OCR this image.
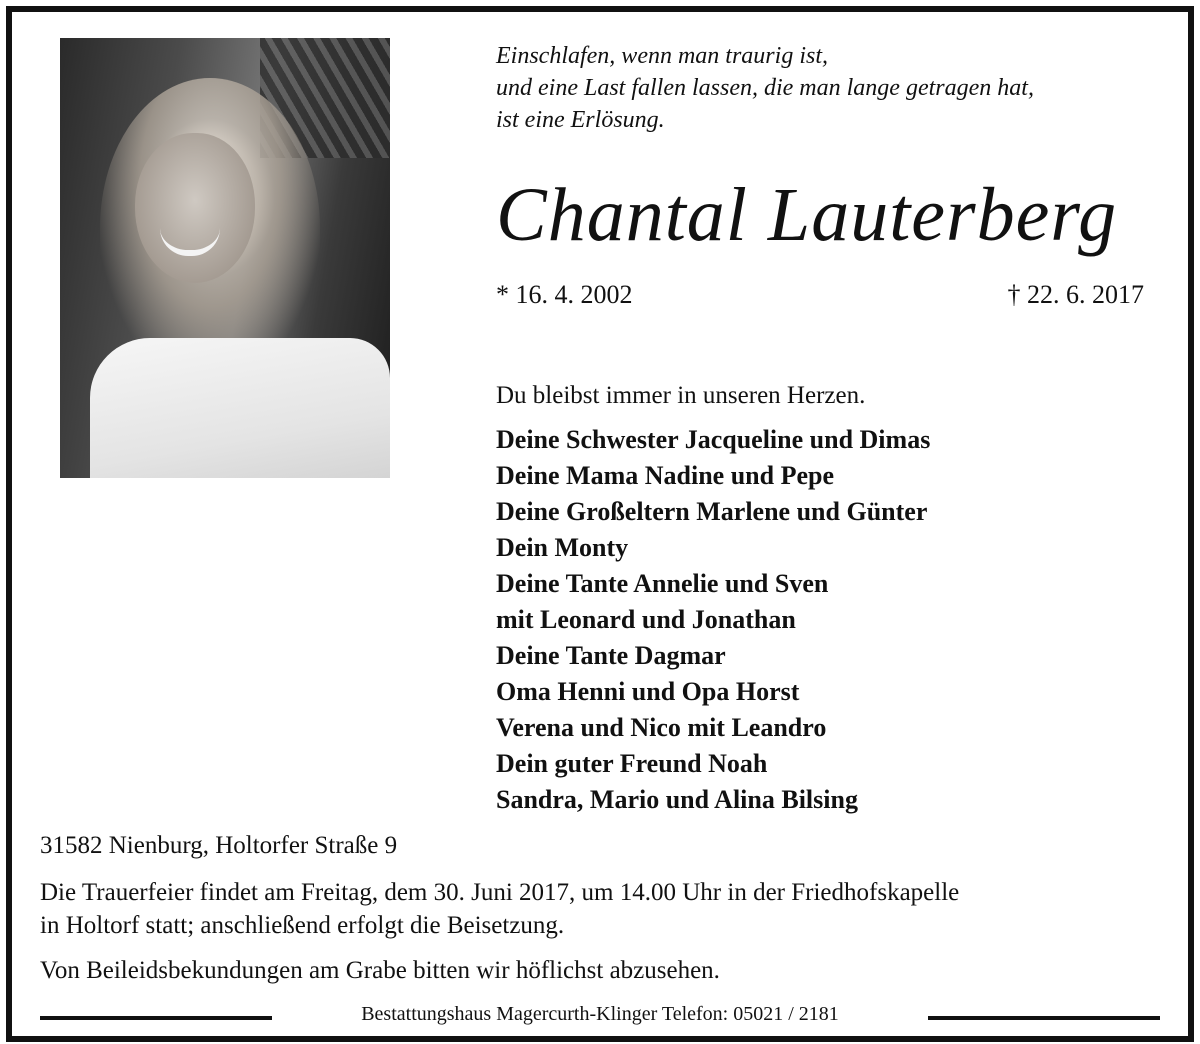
Einschlafen, wenn man traurig ist,
und eine Last fallen lassen, die man lange getragen hat,
ist eine Erlösung.
Chantal Lauterberg
* 16. 4. 2002	† 22. 6. 2017
Du bleibst immer in unseren Herzen.
Deine Schwester Jacqueline und Dimas
Deine Mama Nadine und Pepe
Deine Großeltern Marlene und Günter
Dein Monty
Deine Tante Annelie und Sven
mit Leonard und Jonathan
Deine Tante Dagmar
Oma Henni und Opa Horst
Verena und Nico mit Leandro
Dein guter Freund Noah
Sandra, Mario und Alina Bilsing
31582 Nienburg, Holtorfer Straße 9
Die Trauerfeier findet am Freitag, dem 30. Juni 2017, um 14.00 Uhr in der Friedhofskapelle
in Holtorf statt; anschließend erfolgt die Beisetzung.
Von Beileidsbekundungen am Grabe bitten wir höflichst abzusehen.
Bestattungshaus Magercurth-Klinger Telefon: 05021 / 2181
